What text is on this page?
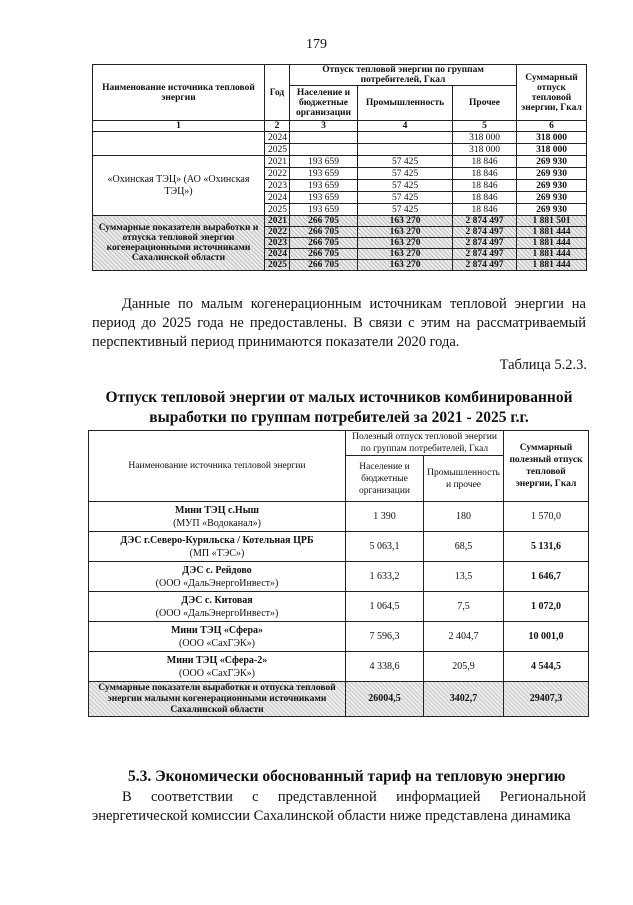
179
Наименование источника тепловой энергии	Год	Отпуск тепловой энергии по группам потребителей, Гкал			Суммарный отпуск тепловой энергии, Гкал
		Население и бюджетные организации	Промышленность	Прочее	
1	2	3	4	5	6
	2024			318 000	318 000
	2025			318 000	318 000
«Охинская ТЭЦ» (АО «Охинская ТЭЦ»)	2021	193 659	57 425	18 846	269 930
	2022	193 659	57 425	18 846	269 930
	2023	193 659	57 425	18 846	269 930
	2024	193 659	57 425	18 846	269 930
	2025	193 659	57 425	18 846	269 930
Суммарные показатели выработки и отпуска тепловой энергии когенерационными источниками Сахалинской области	2021	266 705	163 270	2 874 497	1 881 501
	2022	266 705	163 270	2 874 497	1 881 444
	2023	266 705	163 270	2 874 497	1 881 444
	2024	266 705	163 270	2 874 497	1 881 444
	2025	266 705	163 270	2 874 497	1 881 444
Данные по малым когенерационным источникам тепловой энергии на период до 2025 года не предоставлены. В связи с этим на рассматриваемый перспективный период принимаются показатели 2020 года.
Таблица 5.2.3.
Отпуск тепловой энергии от малых источников комбинированной выработки по группам потребителей за 2021 - 2025 г.г.
Наименование источника тепловой энергии	Полезный отпуск тепловой энергии по группам потребителей, Гкал		Суммарный полезный отпуск тепловой энергии, Гкал
	Население и бюджетные организации	Промышленность и прочее	
Мини ТЭЦ с.Ныш
(МУП «Водоканал»)	1 390	180	1 570,0
ДЭС г.Северо-Курильска / Котельная ЦРБ
(МП «ТЭС»)	5 063,1	68,5	5 131,6
ДЭС с. Рейдово
(ООО «ДальЭнергоИнвест»)	1 633,2	13,5	1 646,7
ДЭС с. Китовая
(ООО «ДальЭнергоИнвест»)	1 064,5	7,5	1 072,0
Мини ТЭЦ «Сфера»
(ООО «СахГЭК»)	7 596,3	2 404,7	10 001,0
Мини ТЭЦ «Сфера-2»
(ООО «СахГЭК»)	4 338,6	205,9	4 544,5
Суммарные показатели выработки и отпуска тепловой энергии малыми когенерационными источниками Сахалинской области	26004,5	3402,7	29407,3
5.3. Экономически обоснованный тариф на тепловую энергию
В соответствии с представленной информацией Региональной энергетической комиссии Сахалинской области ниже представлена динамика
